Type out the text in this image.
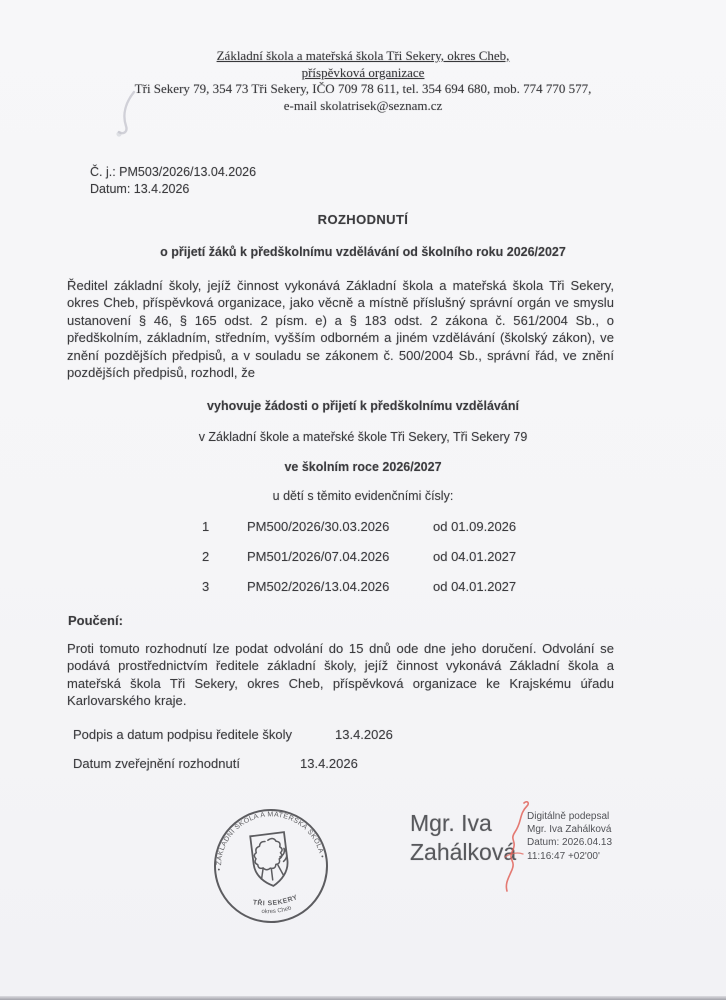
Základní škola a mateřská škola Tři Sekery, okres Cheb,
příspěvková organizace
Tři Sekery 79, 354 73 Tři Sekery, IČO 709 78 611, tel. 354 694 680, mob. 774 770 577,
e-mail skolatrisek@seznam.cz
Č. j.: PM503/2026/13.04.2026
Datum: 13.4.2026
ROZHODNUTÍ
o přijetí žáků k předškolnímu vzdělávání od školního roku 2026/2027
Ředitel základní školy, jejíž činnost vykonává Základní škola a mateřská škola Tři Sekery, okres Cheb, příspěvková organizace, jako věcně a místně příslušný správní orgán ve smyslu ustanovení § 46, § 165 odst. 2 písm. e) a § 183 odst. 2 zákona č. 561/2004 Sb., o předškolním, základním, středním, vyšším odborném a jiném vzdělávání (školský zákon), ve znění pozdějších předpisů, a v souladu se zákonem č. 500/2004 Sb., správní řád, ve znění pozdějších předpisů, rozhodl, že
vyhovuje žádosti o přijetí k předškolnímu vzdělávání
v Základní škole a mateřské škole Tři Sekery, Tři Sekery 79
ve školním roce 2026/2027
u dětí s těmito evidenčními čísly:
1	PM500/2026/30.03.2026	od 01.09.2026
2	PM501/2026/07.04.2026	od 04.01.2027
3	PM502/2026/13.04.2026	od 04.01.2027
Poučení:
Proti tomuto rozhodnutí lze podat odvolání do 15 dnů ode dne jeho doručení. Odvolání se podává prostřednictvím ředitele základní školy, jejíž činnost vykonává Základní škola a mateřská škola Tři Sekery, okres Cheb, příspěvková organizace ke Krajskému úřadu Karlovarského kraje.
Podpis a datum podpisu ředitele školy	13.4.2026
Datum zveřejnění rozhodnutí	13.4.2026
• ZÁKLADNÍ ŠKOLA A MATEŘSKÁ ŠKOLA •
TŘI SEKERY
okres Cheb
Mgr. Iva
Zahálková
Digitálně podepsal
Mgr. Iva Zahálková
Datum: 2026.04.13
11:16:47 +02'00'
